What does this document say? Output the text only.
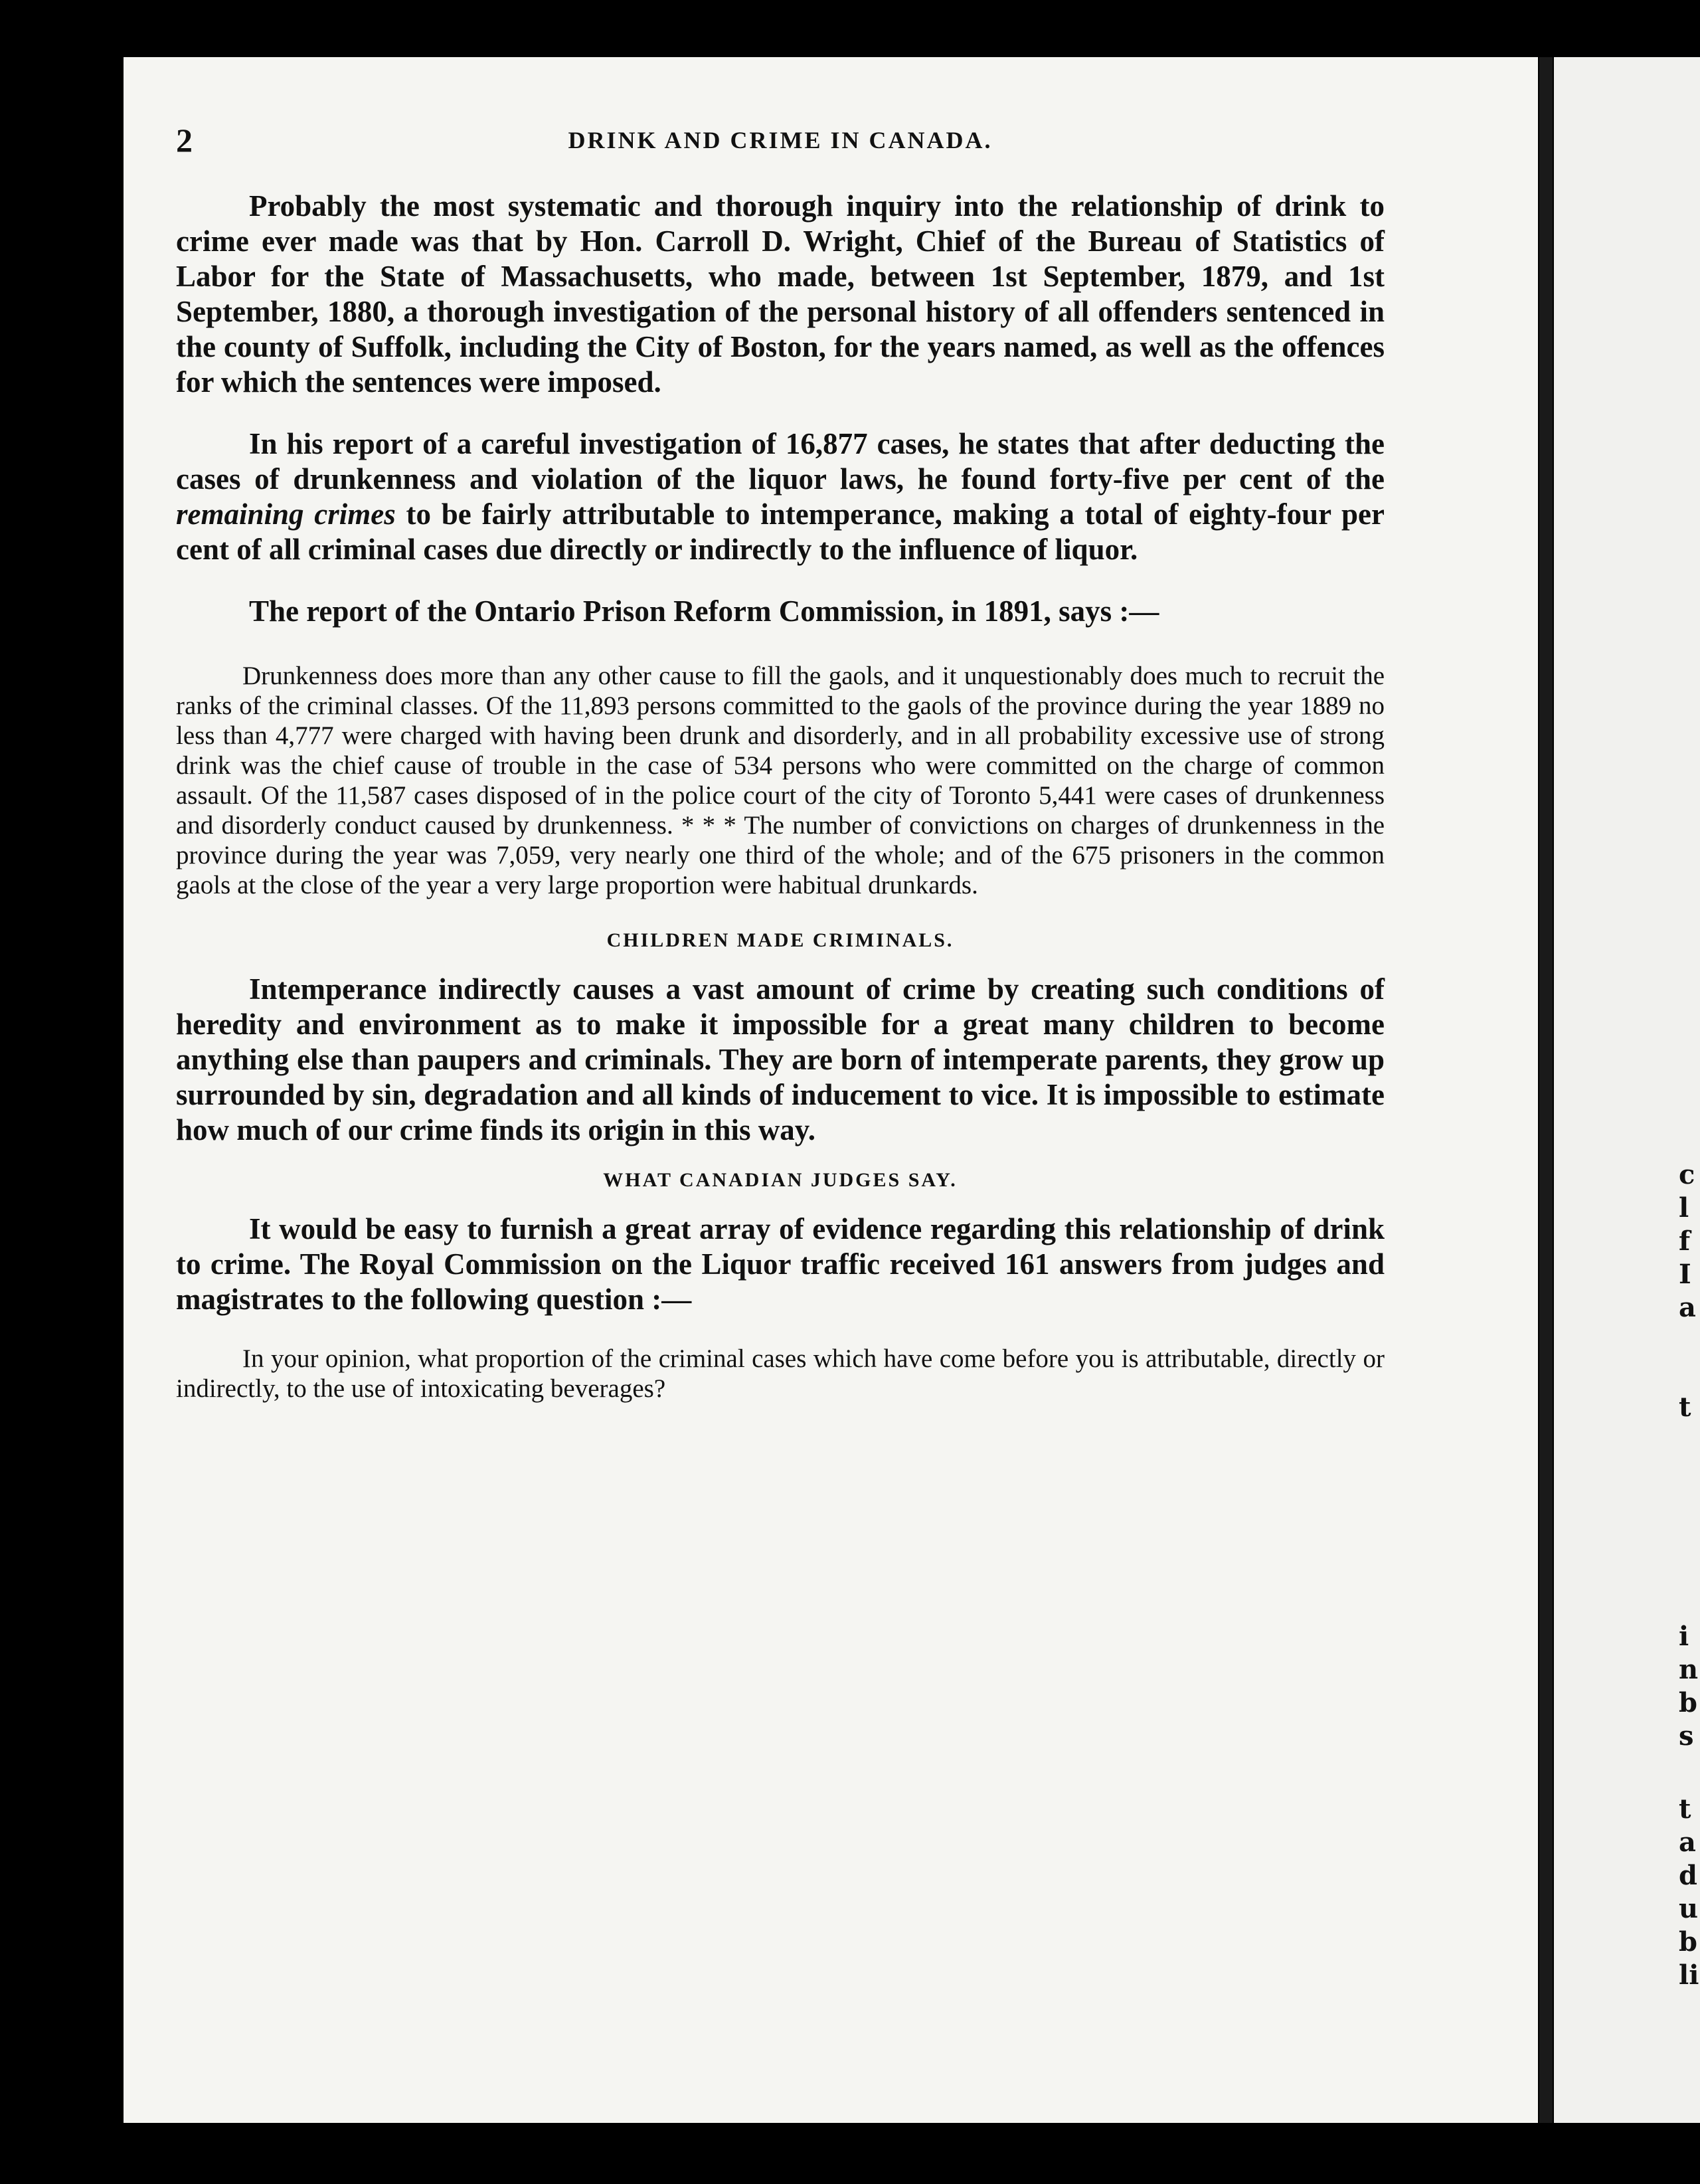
c
l
f
I
a
t
i
n
b
s
t
a
d
u
b
li
2	DRINK AND CRIME IN CANADA.

Probably the most systematic and thorough inquiry into the relationship of drink to crime ever made was that by Hon. Carroll D. Wright, Chief of the Bureau of Statistics of Labor for the State of Massachusetts, who made, between 1st September, 1879, and 1st September, 1880, a thorough investigation of the personal history of all offenders sentenced in the county of Suffolk, including the City of Boston, for the years named, as well as the offences for which the sentences were imposed.

In his report of a careful investigation of 16,877 cases, he states that after deducting the cases of drunkenness and violation of the liquor laws, he found forty-five per cent of the remaining crimes to be fairly attributable to intemperance, making a total of eighty-four per cent of all criminal cases due directly or indirectly to the influence of liquor.

The report of the Ontario Prison Reform Commission, in 1891, says :—

Drunkenness does more than any other cause to fill the gaols, and it unquestionably does much to recruit the ranks of the criminal classes. Of the 11,893 persons committed to the gaols of the province during the year 1889 no less than 4,777 were charged with having been drunk and disorderly, and in all probability excessive use of strong drink was the chief cause of trouble in the case of 534 persons who were committed on the charge of common assault. Of the 11,587 cases disposed of in the police court of the city of Toronto 5,441 were cases of drunkenness and disorderly conduct caused by drunkenness. * * * The number of convictions on charges of drunkenness in the province during the year was 7,059, very nearly one third of the whole; and of the 675 prisoners in the common gaols at the close of the year a very large proportion were habitual drunkards.

CHILDREN MADE CRIMINALS.

Intemperance indirectly causes a vast amount of crime by creating such conditions of heredity and environment as to make it impossible for a great many children to become anything else than paupers and criminals. They are born of intemperate parents, they grow up surrounded by sin, degradation and all kinds of inducement to vice. It is impossible to estimate how much of our crime finds its origin in this way.

WHAT CANADIAN JUDGES SAY.

It would be easy to furnish a great array of evidence regarding this relationship of drink to crime. The Royal Commission on the Liquor traffic received 161 answers from judges and magistrates to the following question :—

In your opinion, what proportion of the criminal cases which have come before you is attributable, directly or indirectly, to the use of intoxicating beverages?
